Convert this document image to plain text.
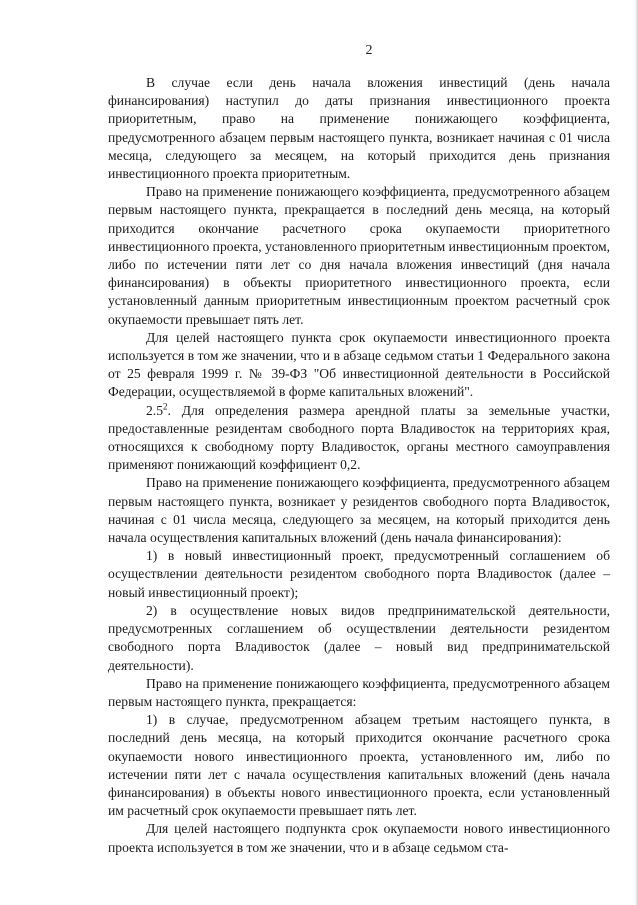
2

В случае если день начала вложения инвестиций (день начала финансирования) наступил до даты признания инвестиционного проекта приоритетным, право на применение понижающего коэффициента, предусмотренного абзацем первым настоящего пункта, возникает начиная с 01 числа месяца, следующего за месяцем, на который приходится день признания инвестиционного проекта приоритетным.

Право на применение понижающего коэффициента, предусмотренного абзацем первым настоящего пункта, прекращается в последний день месяца, на который приходится окончание расчетного срока окупаемости приоритетного инвестиционного проекта, установленного приоритетным инвестиционным проектом, либо по истечении пяти лет со дня начала вложения инвестиций (дня начала финансирования) в объекты приоритетного инвестиционного проекта, если установленный данным приоритетным инвестиционным проектом расчетный срок окупаемости превышает пять лет.

Для целей настоящего пункта срок окупаемости инвестиционного проекта используется в том же значении, что и в абзаце седьмом статьи 1 Федерального закона от 25 февраля 1999 г. № 39-ФЗ "Об инвестиционной деятельности в Российской Федерации, осуществляемой в форме капитальных вложений".

$2.5^2$. Для определения размера арендной платы за земельные участки, предоставленные резидентам свободного порта Владивосток на территориях края, относящихся к свободному порту Владивосток, органы местного самоуправления применяют понижающий коэффициент 0,2.

Право на применение понижающего коэффициента, предусмотренного абзацем первым настоящего пункта, возникает у резидентов свободного порта Владивосток, начиная с 01 числа месяца, следующего за месяцем, на который приходится день начала осуществления капитальных вложений (день начала финансирования):

1) в новый инвестиционный проект, предусмотренный соглашением об осуществлении деятельности резидентом свободного порта Владивосток (далее – новый инвестиционный проект);

2) в осуществление новых видов предпринимательской деятельности, предусмотренных соглашением об осуществлении деятельности резидентом свободного порта Владивосток (далее – новый вид предпринимательской деятельности).

Право на применение понижающего коэффициента, предусмотренного абзацем первым настоящего пункта, прекращается:

1) в случае, предусмотренном абзацем третьим настоящего пункта, в последний день месяца, на который приходится окончание расчетного срока окупаемости нового инвестиционного проекта, установленного им, либо по истечении пяти лет с начала осуществления капитальных вложений (день начала финансирования) в объекты нового инвестиционного проекта, если установленный им расчетный срок окупаемости превышает пять лет.

Для целей настоящего подпункта срок окупаемости нового инвестиционного проекта используется в том же значении, что и в абзаце седьмом ста-
